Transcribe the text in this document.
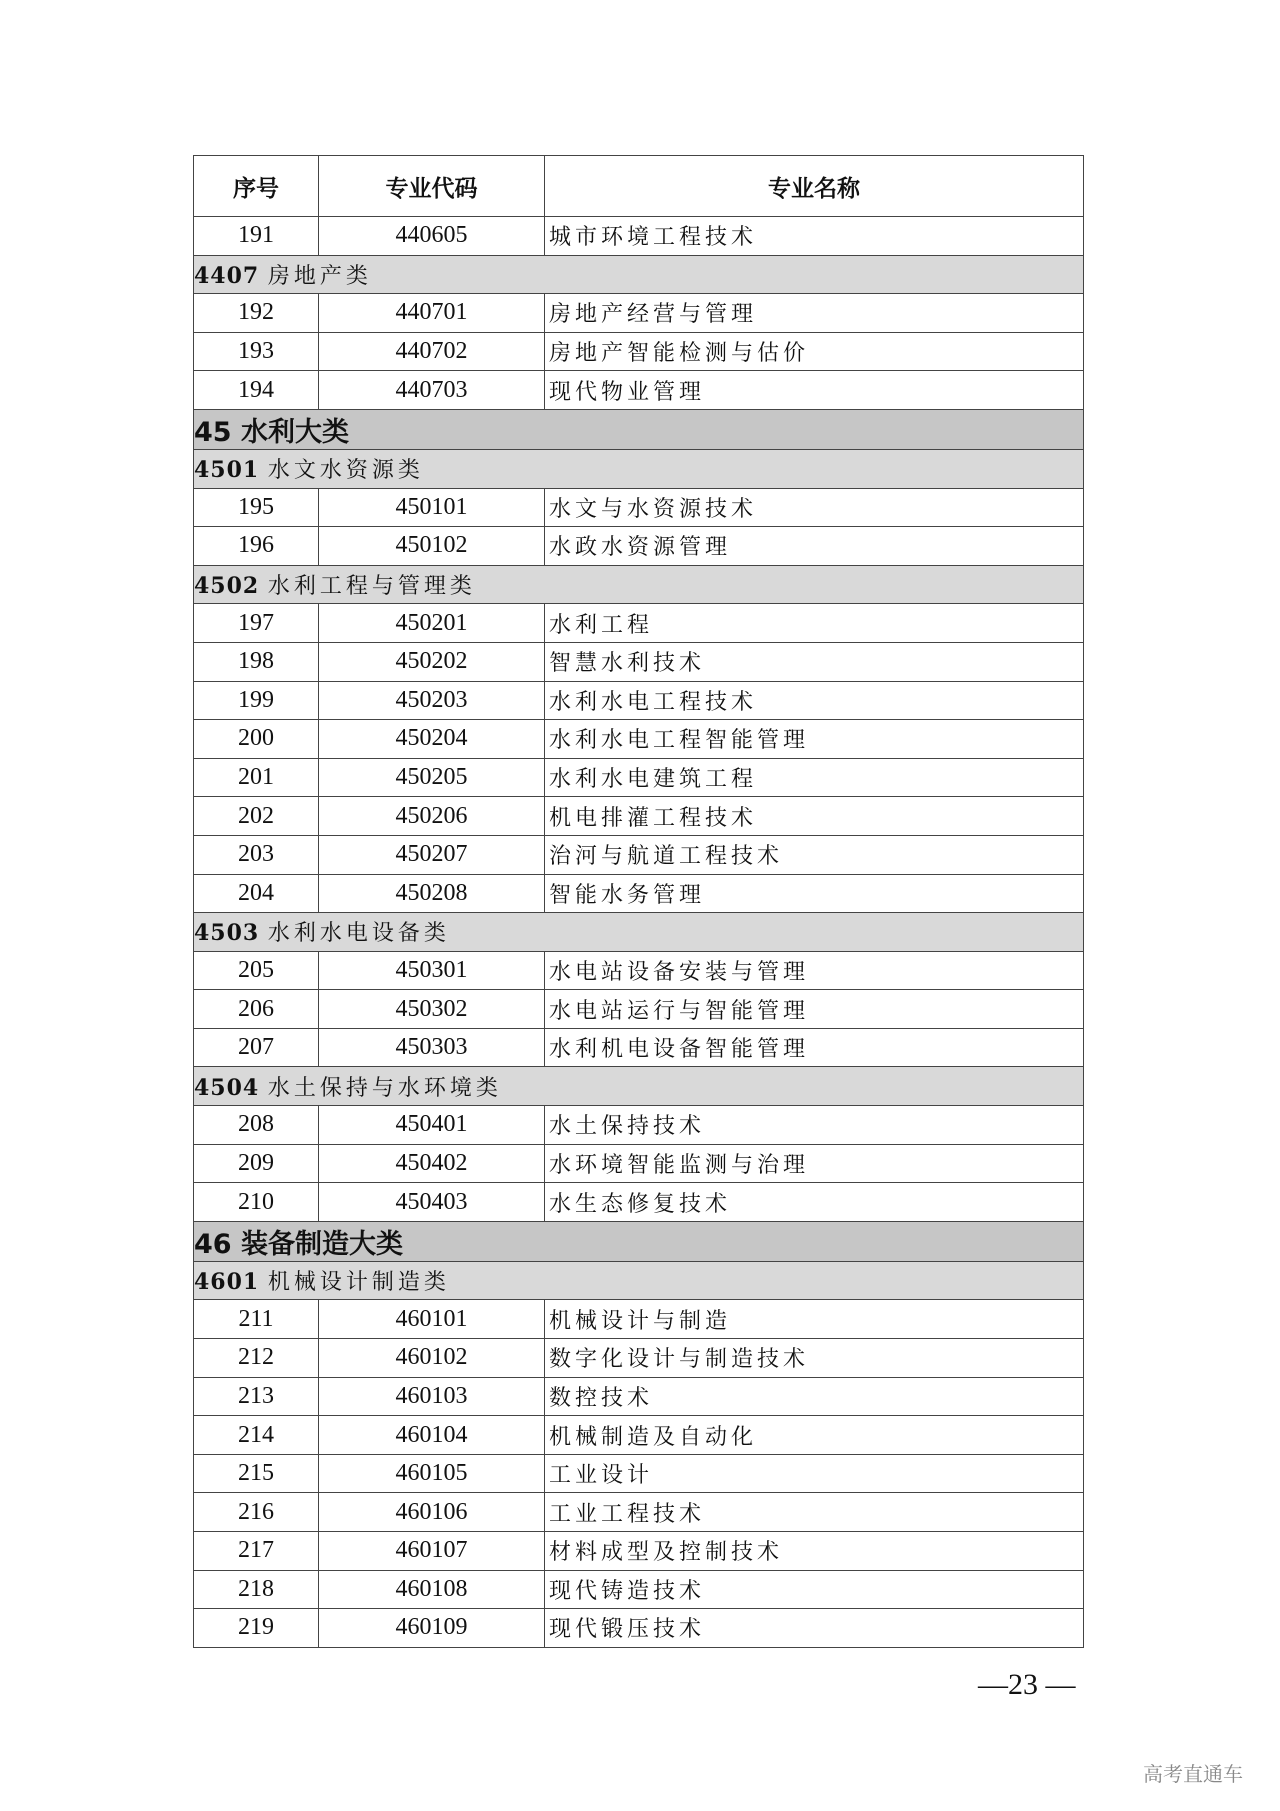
序号	专业代码	专业名称
191	440605	城市环境工程技术
4407 房地产类		
192	440701	房地产经营与管理
193	440702	房地产智能检测与估价
194	440703	现代物业管理
45 水利大类		
4501 水文水资源类		
195	450101	水文与水资源技术
196	450102	水政水资源管理
4502 水利工程与管理类		
197	450201	水利工程
198	450202	智慧水利技术
199	450203	水利水电工程技术
200	450204	水利水电工程智能管理
201	450205	水利水电建筑工程
202	450206	机电排灌工程技术
203	450207	治河与航道工程技术
204	450208	智能水务管理
4503 水利水电设备类		
205	450301	水电站设备安装与管理
206	450302	水电站运行与智能管理
207	450303	水利机电设备智能管理
4504 水土保持与水环境类		
208	450401	水土保持技术
209	450402	水环境智能监测与治理
210	450403	水生态修复技术
46 装备制造大类		
4601 机械设计制造类		
211	460101	机械设计与制造
212	460102	数字化设计与制造技术
213	460103	数控技术
214	460104	机械制造及自动化
215	460105	工业设计
216	460106	工业工程技术
217	460107	材料成型及控制技术
218	460108	现代铸造技术
219	460109	现代锻压技术
—23 —
高考直通车
